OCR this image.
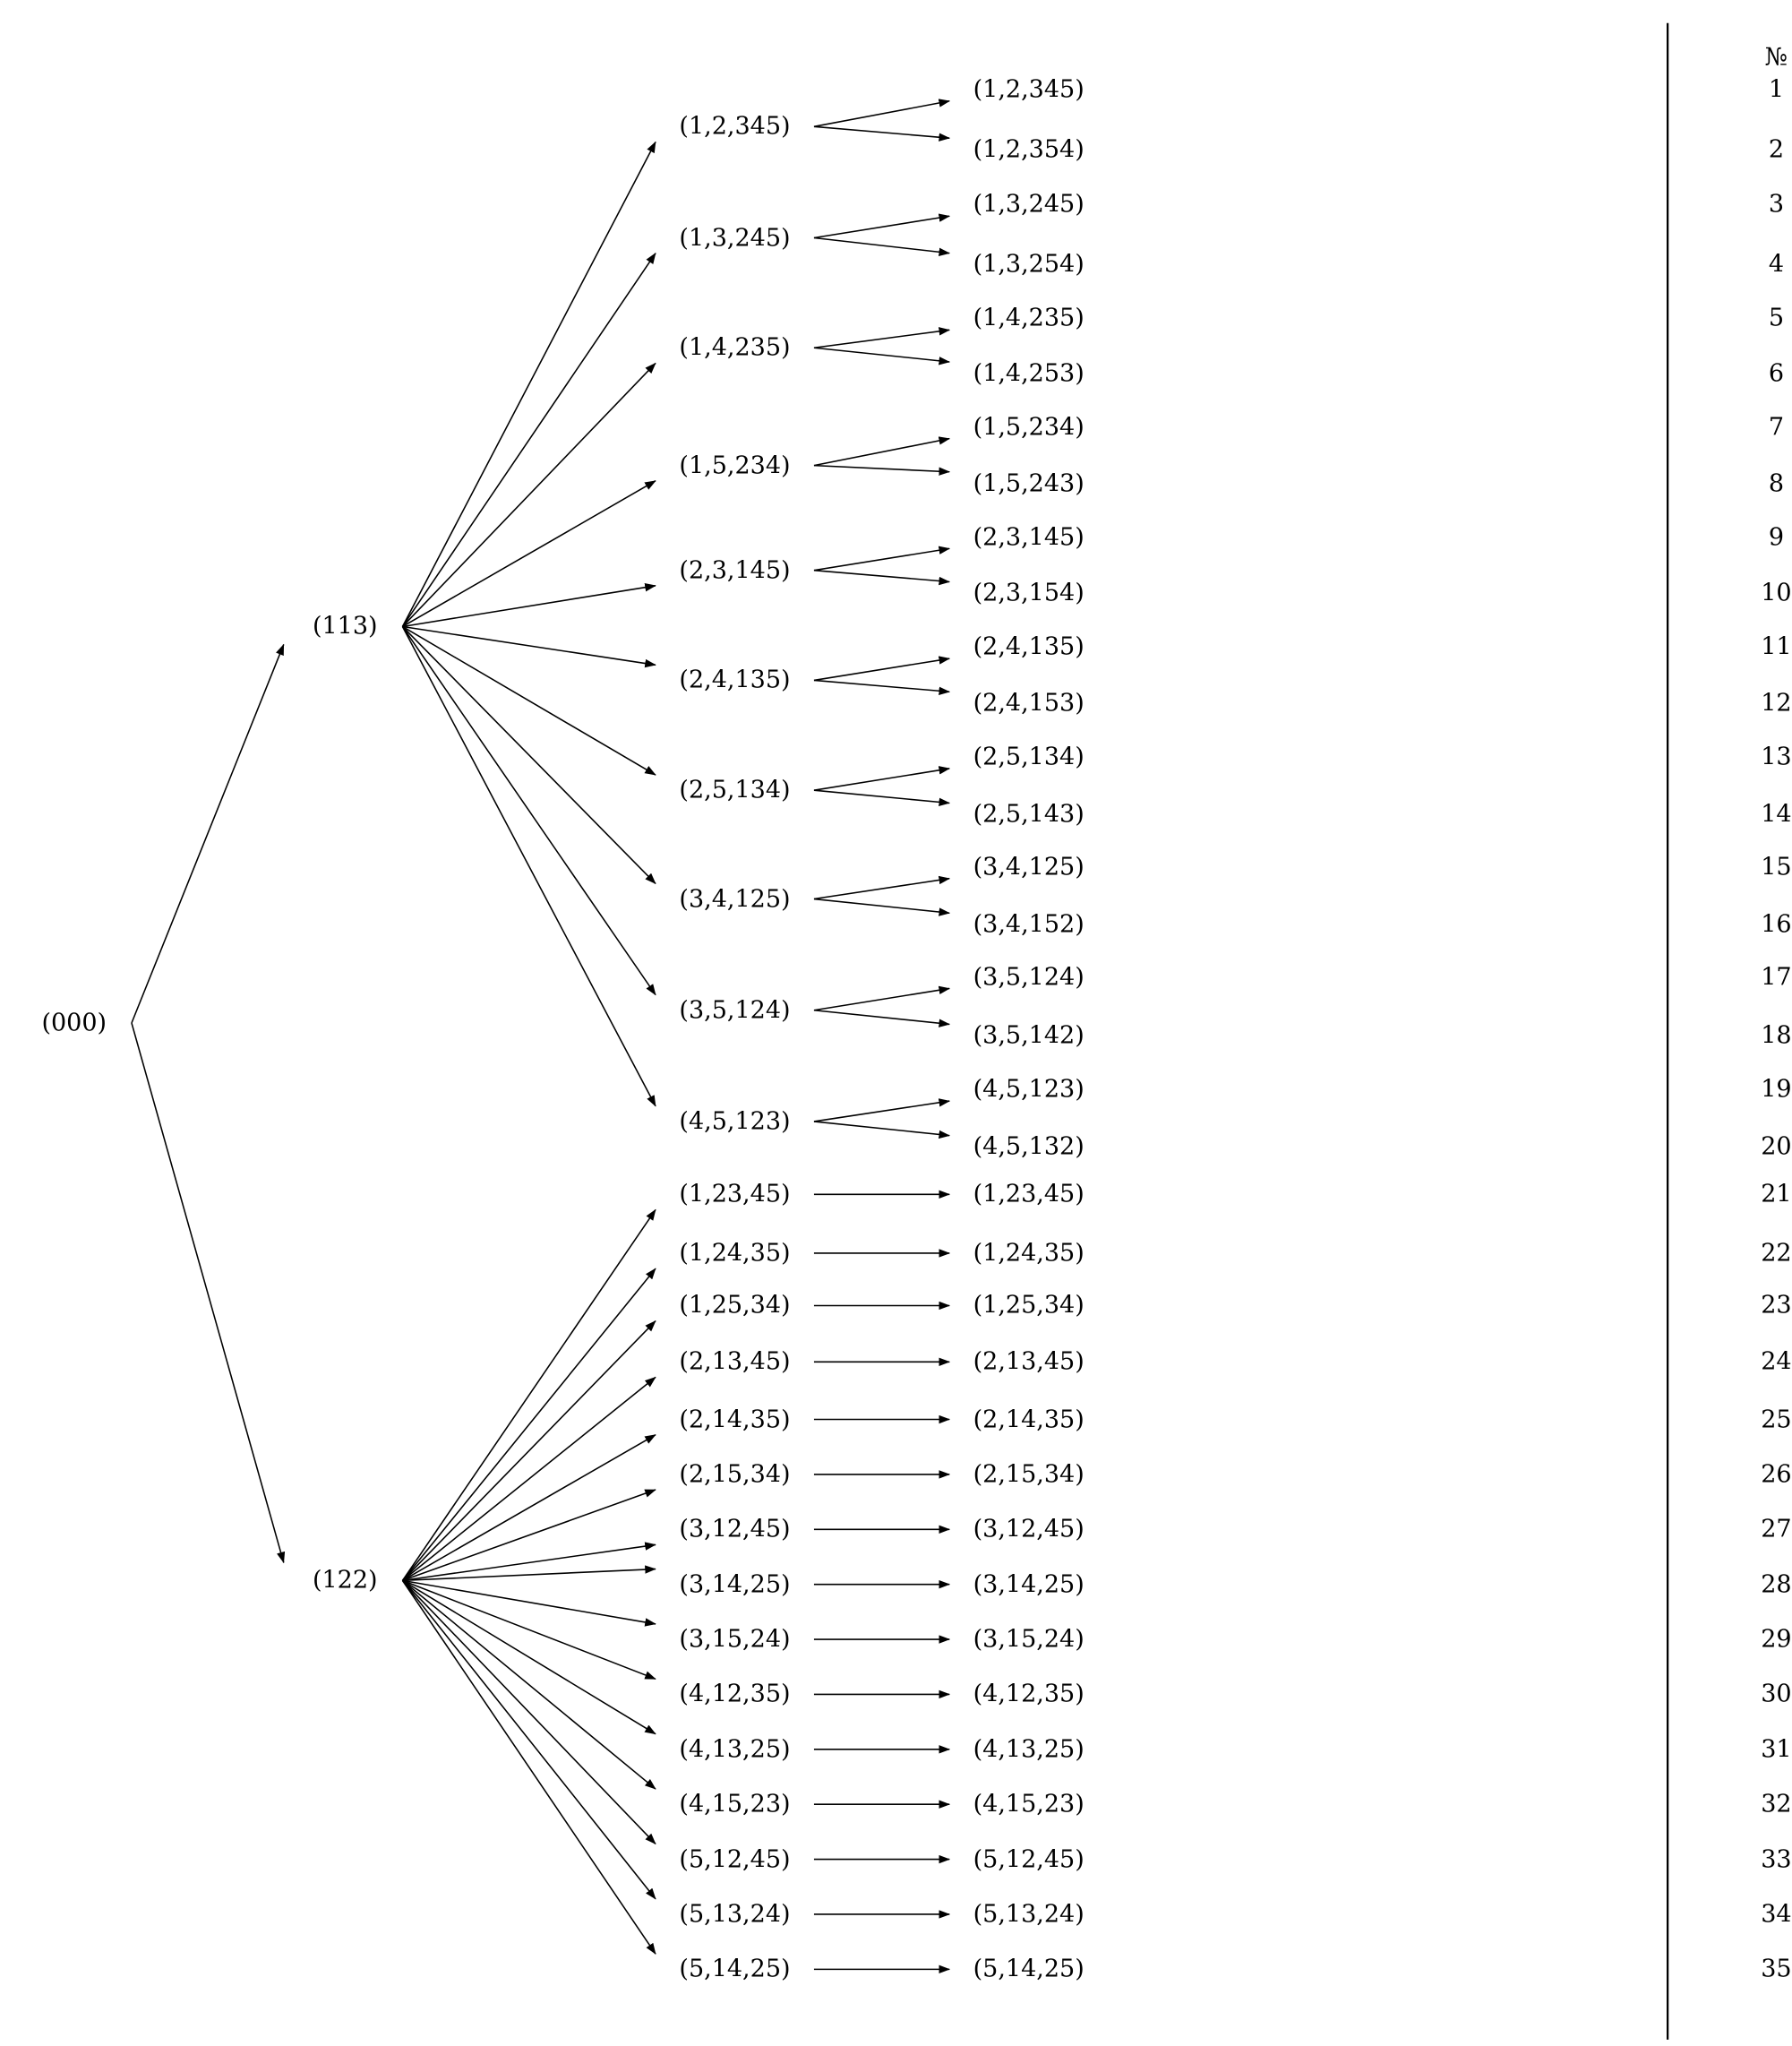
(000)
(113)
(122)
(1,2,345)
(1,3,245)
(1,4,235)
(1,5,234)
(2,3,145)
(2,4,135)
(2,5,134)
(3,4,125)
(3,5,124)
(4,5,123)
(1,23,45)
(1,24,35)
(1,25,34)
(2,13,45)
(2,14,35)
(2,15,34)
(3,12,45)
(3,14,25)
(3,15,24)
(4,12,35)
(4,13,25)
(4,15,23)
(5,12,45)
(5,13,24)
(5,14,25)
(1,2,345)
(1,2,354)
(1,3,245)
(1,3,254)
(1,4,235)
(1,4,253)
(1,5,234)
(1,5,243)
(2,3,145)
(2,3,154)
(2,4,135)
(2,4,153)
(2,5,134)
(2,5,143)
(3,4,125)
(3,4,152)
(3,5,124)
(3,5,142)
(4,5,123)
(4,5,132)
(1,23,45)
(1,24,35)
(1,25,34)
(2,13,45)
(2,14,35)
(2,15,34)
(3,12,45)
(3,14,25)
(3,15,24)
(4,12,35)
(4,13,25)
(4,15,23)
(5,12,45)
(5,13,24)
(5,14,25)
№
1
2
3
4
5
6
7
8
9
10
11
12
13
14
15
16
17
18
19
20
21
22
23
24
25
26
27
28
29
30
31
32
33
34
35
